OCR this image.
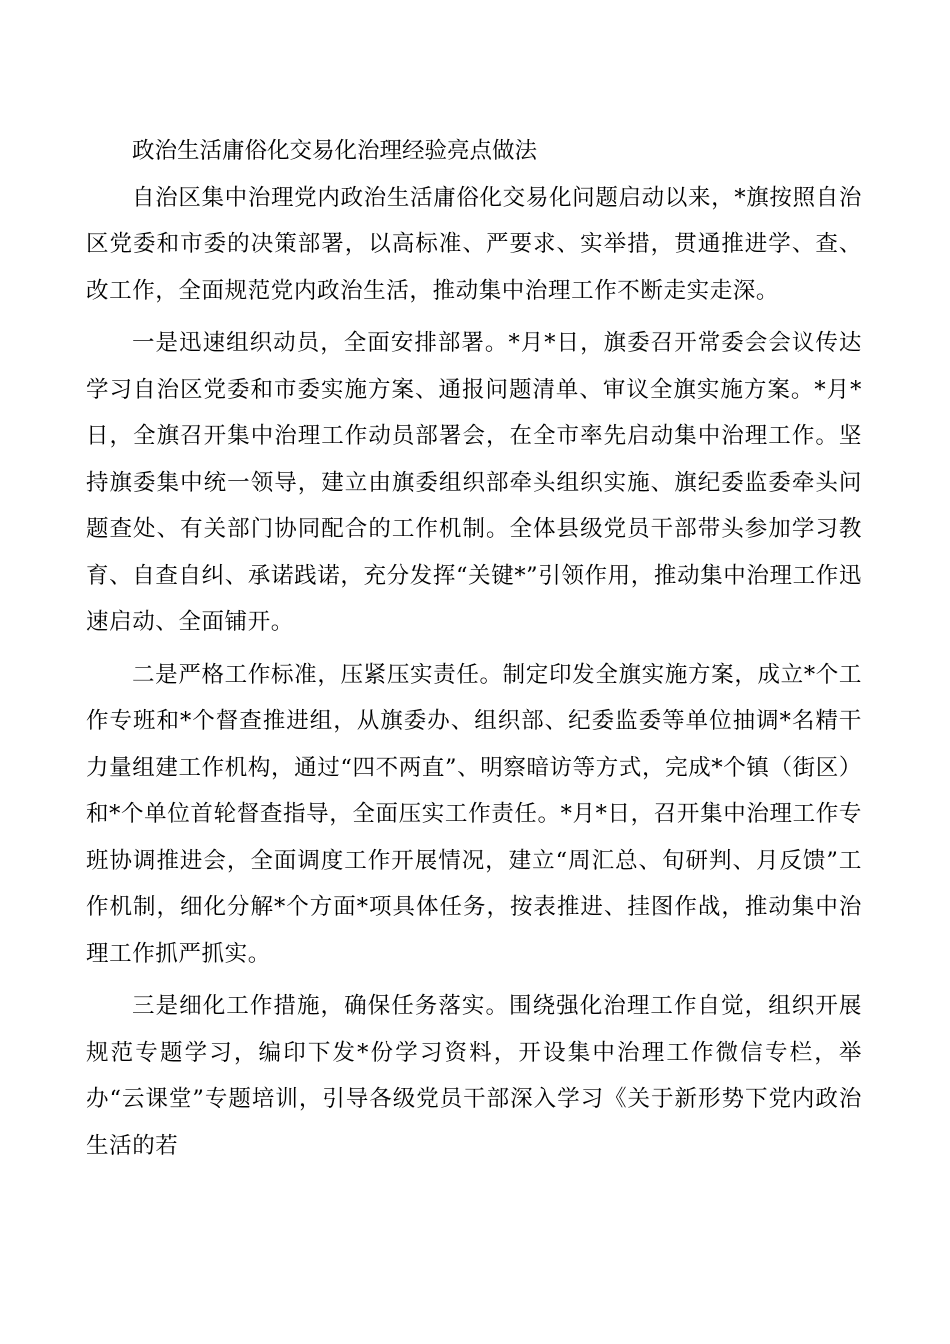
政治生活庸俗化交易化治理经验亮点做法

自治区集中治理党内政治生活庸俗化交易化问题启动以来，*旗按照自治区党委和市委的决策部署，以高标准、严要求、实举措，贯通推进学、查、改工作，全面规范党内政治生活，推动集中治理工作不断走实走深。

一是迅速组织动员，全面安排部署。*月*日，旗委召开常委会会议传达学习自治区党委和市委实施方案、通报问题清单、审议全旗实施方案。*月*日，全旗召开集中治理工作动员部署会，在全市率先启动集中治理工作。坚持旗委集中统一领导，建立由旗委组织部牵头组织实施、旗纪委监委牵头问题查处、有关部门协同配合的工作机制。全体县级党员干部带头参加学习教育、自查自纠、承诺践诺，充分发挥“关键*”引领作用，推动集中治理工作迅速启动、全面铺开。

二是严格工作标准，压紧压实责任。制定印发全旗实施方案，成立*个工作专班和*个督查推进组，从旗委办、组织部、纪委监委等单位抽调*名精干力量组建工作机构，通过“四不两直”、明察暗访等方式，完成*个镇（街区）和*个单位首轮督查指导，全面压实工作责任。*月*日，召开集中治理工作专班协调推进会，全面调度工作开展情况，建立“周汇总、旬研判、月反馈”工作机制，细化分解*个方面*项具体任务，按表推进、挂图作战，推动集中治理工作抓严抓实。

三是细化工作措施，确保任务落实。围绕强化治理工作自觉，组织开展规范专题学习，编印下发*份学习资料，开设集中治理工作微信专栏，举办“云课堂”专题培训，引导各级党员干部深入学习《关于新形势下党内政治生活的若
